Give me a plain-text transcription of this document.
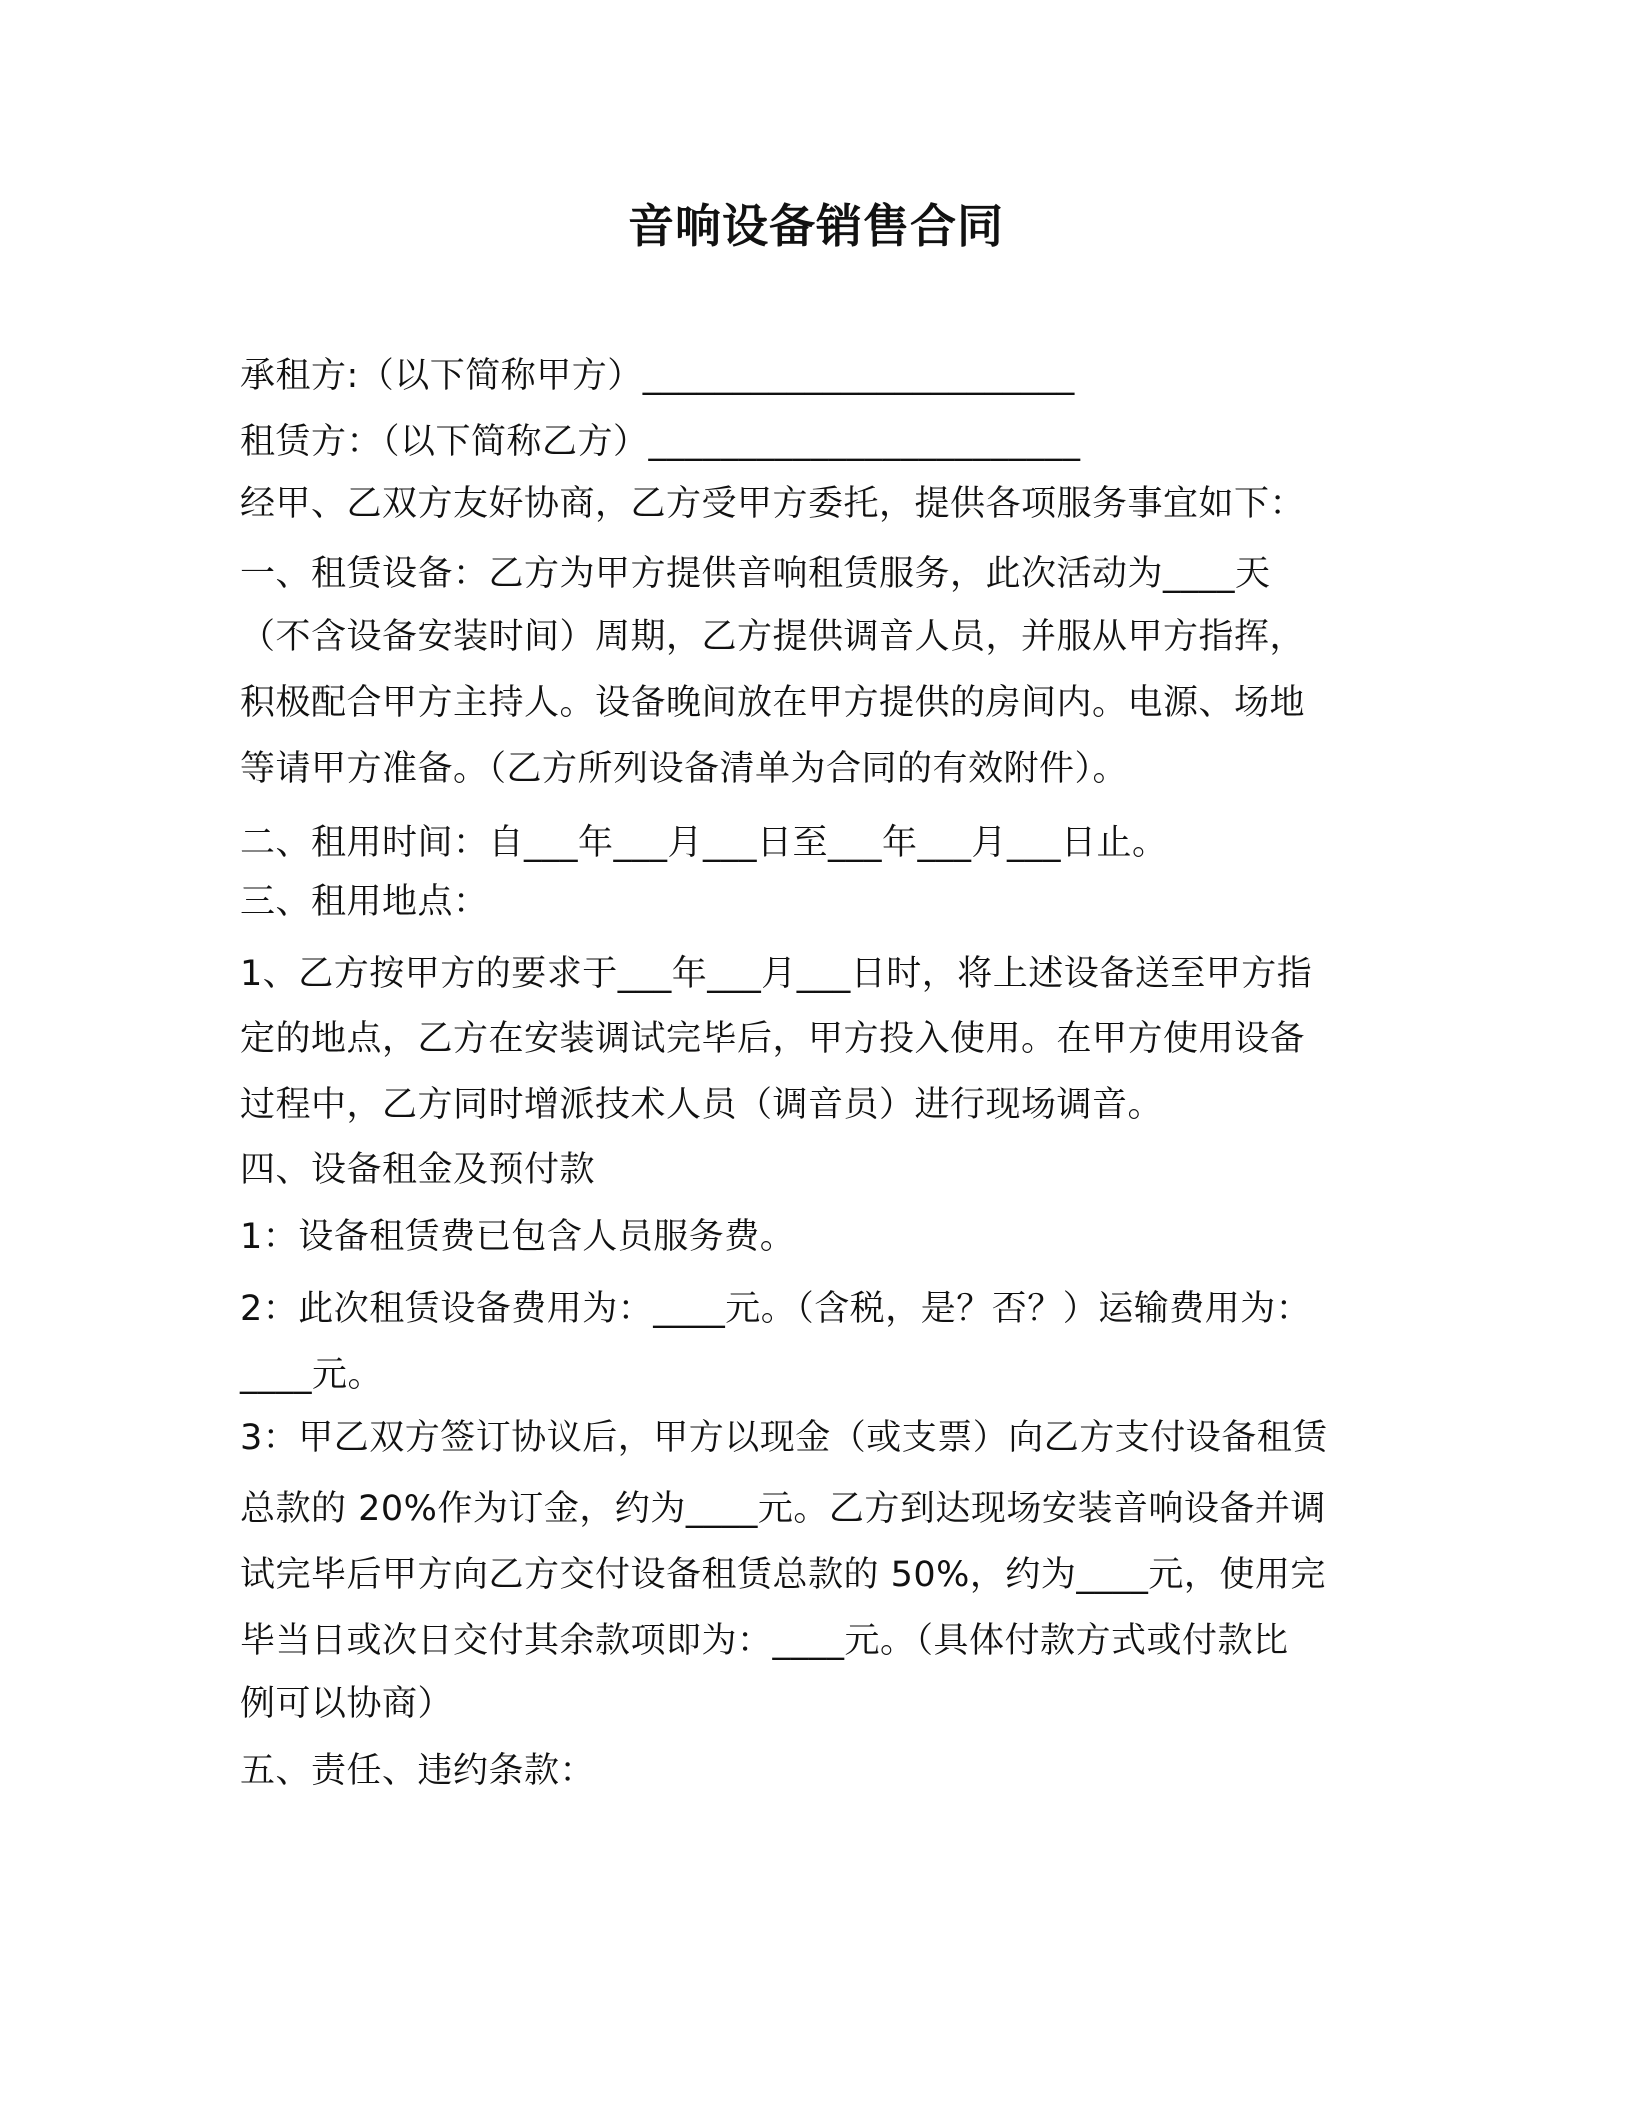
音响设备销售合同
承租方:（以下简称甲方）________________________
租赁方：（以下简称乙方）________________________
经甲、乙双方友好协商，乙方受甲方委托，提供各项服务事宜如下：
一、租赁设备：乙方为甲方提供音响租赁服务，此次活动为____天
（不含设备安装时间）周期，乙方提供调音人员，并服从甲方指挥，
积极配合甲方主持人。设备晚间放在甲方提供的房间内。电源、场地
等请甲方准备。（乙方所列设备清单为合同的有效附件）。
二、租用时间：自___年___月___日至___年___月___日止。
三、租用地点：
1、乙方按甲方的要求于___年___月___日时，将上述设备送至甲方指
定的地点，乙方在安装调试完毕后，甲方投入使用。在甲方使用设备
过程中，乙方同时增派技术人员（调音员）进行现场调音。
四、设备租金及预付款
1：设备租赁费已包含人员服务费。
2：此次租赁设备费用为：____元。（含税，是？否？）运输费用为：
____元。
3：甲乙双方签订协议后，甲方以现金（或支票）向乙方支付设备租赁
总款的 20%作为订金，约为____元。乙方到达现场安装音响设备并调
试完毕后甲方向乙方交付设备租赁总款的 50%，约为____元，使用完
毕当日或次日交付其余款项即为：____元。（具体付款方式或付款比
例可以协商）
五、责任、违约条款：
